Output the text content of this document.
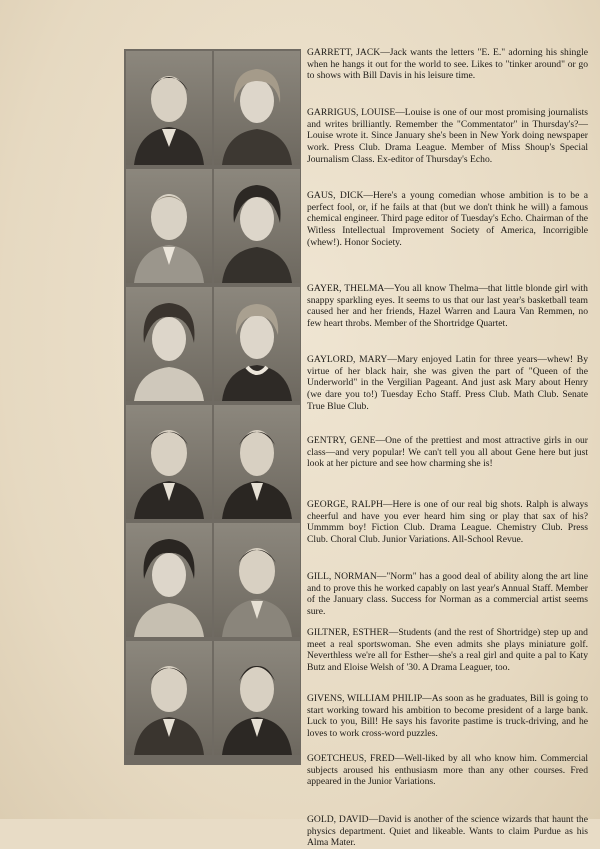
GARRETT, JACK—Jack wants the letters "E. E." adorning his shingle when he hangs it out for the world to see. Likes to "tinker around" or go to shows with Bill Davis in his leisure time.

GARRIGUS, LOUISE—Louise is one of our most promising journalists and writes brilliantly. Remember the "Commentator" in Thursday's?—Louise wrote it. Since January she's been in New York doing newspaper work. Press Club. Drama League. Member of Miss Shoup's Special Journalism Class. Ex-editor of Thursday's Echo.

GAUS, DICK—Here's a young comedian whose ambition is to be a perfect fool, or, if he fails at that (but we don't think he will) a famous chemical engineer. Third page editor of Tuesday's Echo. Chairman of the Witless Intellectual Improvement Society of America, Incorrigible (whew!). Honor Society.

GAYER, THELMA—You all know Thelma—that little blonde girl with snappy sparkling eyes. It seems to us that our last year's basketball team caused her and her friends, Hazel Warren and Laura Van Remmen, no few heart throbs. Member of the Shortridge Quartet.

GAYLORD, MARY—Mary enjoyed Latin for three years—whew! By virtue of her black hair, she was given the part of "Queen of the Underworld" in the Vergilian Pageant. And just ask Mary about Henry (we dare you to!) Tuesday Echo Staff. Press Club. Math Club. Senate True Blue Club.

GENTRY, GENE—One of the prettiest and most attractive girls in our class—and very popular! We can't tell you all about Gene here but just look at her picture and see how charming she is!

GEORGE, RALPH—Here is one of our real big shots. Ralph is always cheerful and have you ever heard him sing or play that sax of his? Ummmm boy! Fiction Club. Drama League. Chemistry Club. Press Club. Choral Club. Junior Variations. All-School Revue.

GILL, NORMAN—"Norm" has a good deal of ability along the art line and to prove this he worked capably on last year's Annual Staff. Member of the January class. Success for Norman as a commercial artist seems sure.

GILTNER, ESTHER—Students (and the rest of Shortridge) step up and meet a real sportswoman. She even admits she plays miniature golf. Neverthless we're all for Esther—she's a real girl and quite a pal to Katy Butz and Eloise Welsh of '30. A Drama Leaguer, too.

GIVENS, WILLIAM PHILIP—As soon as he graduates, Bill is going to start working toward his ambition to become president of a large bank. Luck to you, Bill! He says his favorite pastime is truck-driving, and he loves to work cross-word puzzles.

GOETCHEUS, FRED—Well-liked by all who know him. Commercial subjects aroused his enthusiasm more than any other courses. Fred appeared in the Junior Variations.

GOLD, DAVID—David is another of the science wizards that haunt the physics department. Quiet and likeable. Wants to claim Purdue as his Alma Mater.
